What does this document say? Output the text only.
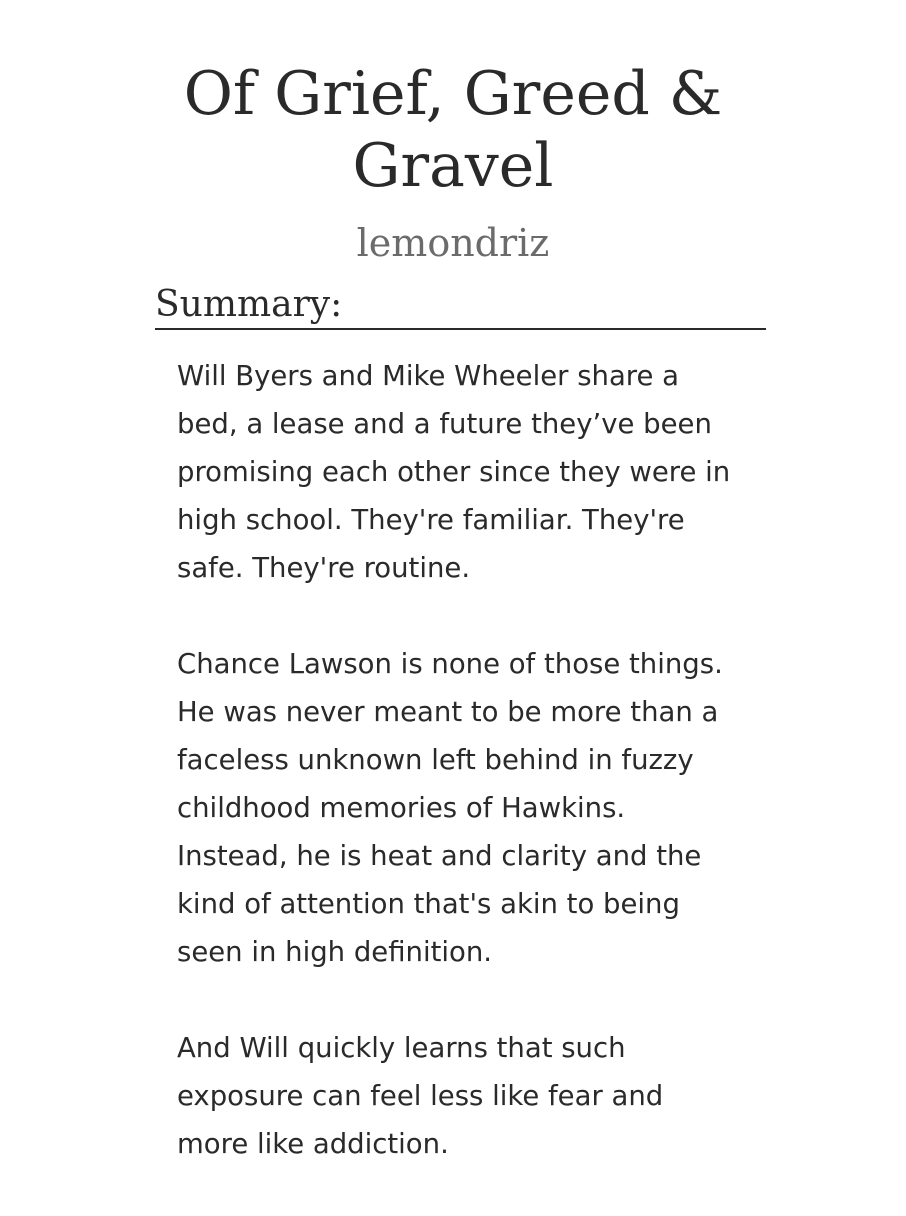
Of Grief, Greed &
Gravel
lemondriz
Summary:

Will Byers and Mike Wheeler share a
bed, a lease and a future they’ve been
promising each other since they were in
high school. They're familiar. They're
safe. They're routine.

Chance Lawson is none of those things.
He was never meant to be more than a
faceless unknown left behind in fuzzy
childhood memories of Hawkins.
Instead, he is heat and clarity and the
kind of attention that's akin to being
seen in high definition.

And Will quickly learns that such
exposure can feel less like fear and
more like addiction.
